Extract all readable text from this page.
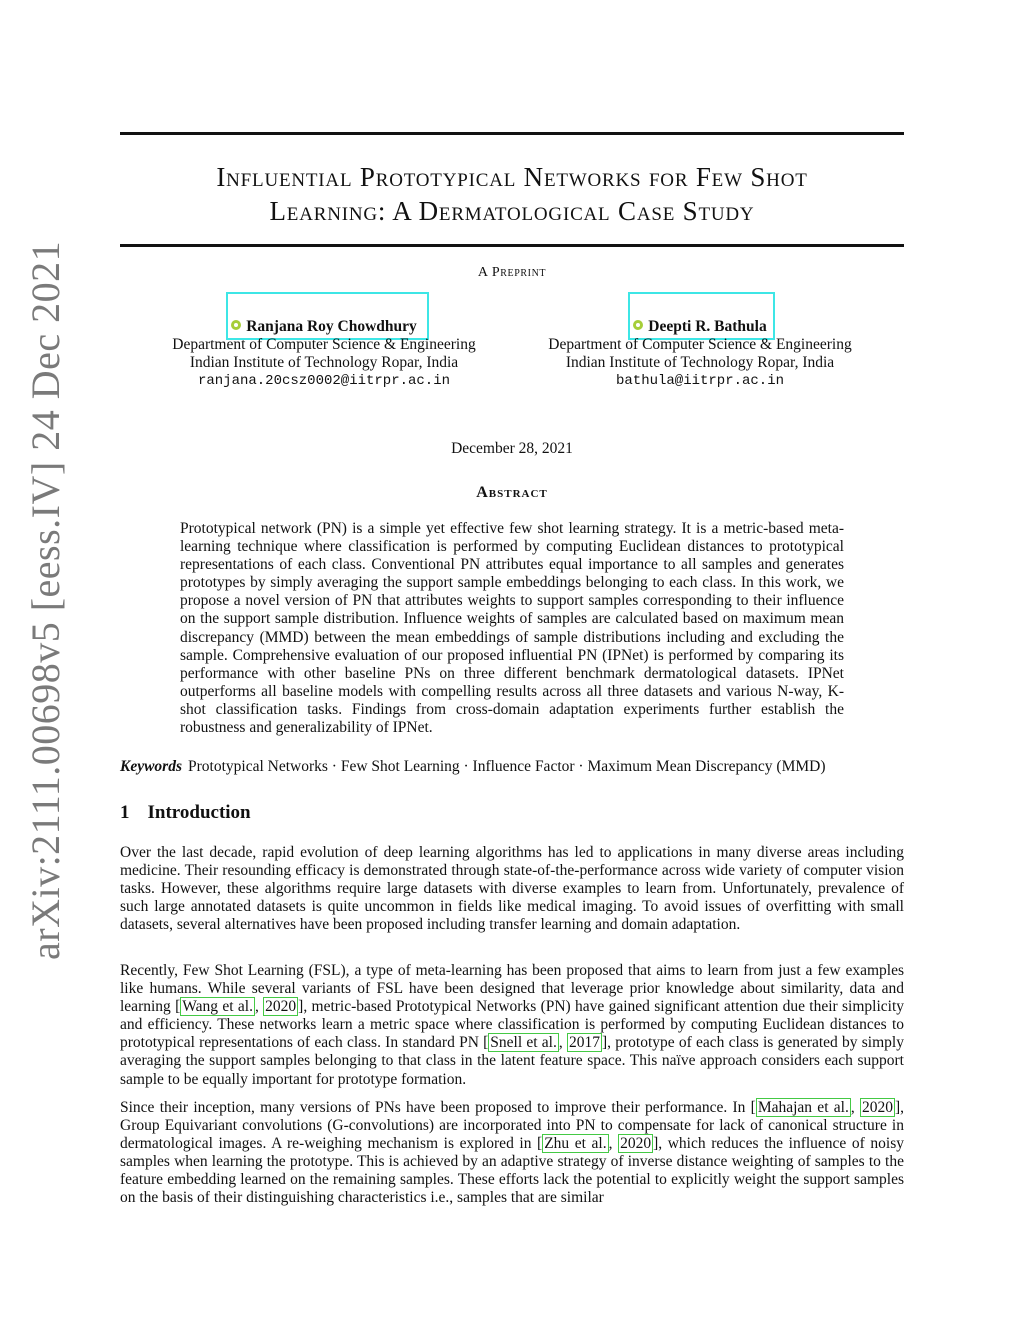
arXiv:2111.00698v5 [eess.IV] 24 Dec 2021
Influential Prototypical Networks for Few Shot
Learning: A Dermatological Case Study
A Preprint
Ranjana Roy Chowdhury
Department of Computer Science & Engineering
Indian Institute of Technology Ropar, India
ranjana.20csz0002@iitrpr.ac.in
Deepti R. Bathula
Department of Computer Science & Engineering
Indian Institute of Technology Ropar, India
bathula@iitrpr.ac.in
December 28, 2021
Abstract
Prototypical network (PN) is a simple yet effective few shot learning strategy. It is a metric-based meta-learning technique where classification is performed by computing Euclidean distances to prototypical representations of each class. Conventional PN attributes equal importance to all samples and generates prototypes by simply averaging the support sample embeddings belonging to each class. In this work, we propose a novel version of PN that attributes weights to support samples corresponding to their influence on the support sample distribution. Influence weights of samples are calculated based on maximum mean discrepancy (MMD) between the mean embeddings of sample distributions including and excluding the sample. Comprehensive evaluation of our proposed influential PN (IPNet) is performed by comparing its performance with other baseline PNs on three different benchmark dermatological datasets. IPNet outperforms all baseline models with compelling results across all three datasets and various N-way, K-shot classification tasks. Findings from cross-domain adaptation experiments further establish the robustness and generalizability of IPNet.
Keywords Prototypical Networks · Few Shot Learning · Influence Factor · Maximum Mean Discrepancy (MMD)
1 Introduction

Over the last decade, rapid evolution of deep learning algorithms has led to applications in many diverse areas including medicine. Their resounding efficacy is demonstrated through state-of-the-performance across wide variety of computer vision tasks. However, these algorithms require large datasets with diverse examples to learn from. Unfortunately, prevalence of such large annotated datasets is quite uncommon in fields like medical imaging. To avoid issues of overfitting with small datasets, several alternatives have been proposed including transfer learning and domain adaptation.

Recently, Few Shot Learning (FSL), a type of meta-learning has been proposed that aims to learn from just a few examples like humans. While several variants of FSL have been designed that leverage prior knowledge about similarity, data and learning [ Wang et al. , 2020 ], metric-based Prototypical Networks (PN) have gained significant attention due their simplicity and efficiency. These networks learn a metric space where classification is performed by computing Euclidean distances to prototypical representations of each class. In standard PN [ Snell et al. , 2017 ], prototype of each class is generated by simply averaging the support samples belonging to that class in the latent feature space. This naïve approach considers each support sample to be equally important for prototype formation.

Since their inception, many versions of PNs have been proposed to improve their performance. In [ Mahajan et al. , 2020 ], Group Equivariant convolutions (G-convolutions) are incorporated into PN to compensate for lack of canonical structure in dermatological images. A re-weighing mechanism is explored in [ Zhu et al. , 2020 ], which reduces the influence of noisy samples when learning the prototype. This is achieved by an adaptive strategy of inverse distance weighting of samples to the feature embedding learned on the remaining samples. These efforts lack the potential to explicitly weight the support samples on the basis of their distinguishing characteristics i.e., samples that are similar
